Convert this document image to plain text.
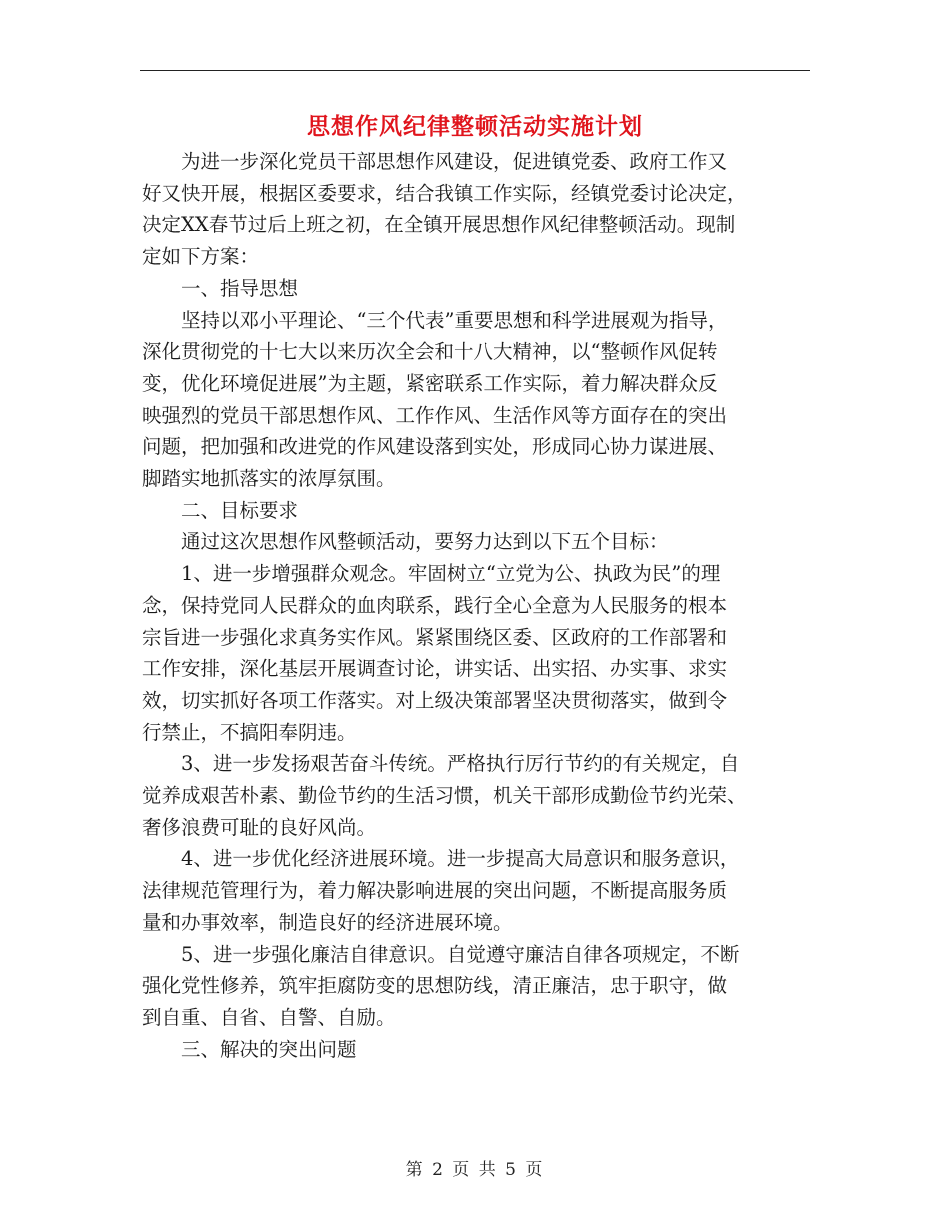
思想作风纪律整顿活动实施计划

为进一步深化党员干部思想作风建设，促进镇党委、政府工作又
好又快开展，根据区委要求，结合我镇工作实际，经镇党委讨论决定，
决定XX春节过后上班之初，在全镇开展思想作风纪律整顿活动。现制
定如下方案：

一、指导思想

坚持以邓小平理论、“三个代表”重要思想和科学进展观为指导，
深化贯彻党的十七大以来历次全会和十八大精神，以“整顿作风促转
变，优化环境促进展”为主题，紧密联系工作实际，着力解决群众反
映强烈的党员干部思想作风、工作作风、生活作风等方面存在的突出
问题，把加强和改进党的作风建设落到实处，形成同心协力谋进展、
脚踏实地抓落实的浓厚氛围。

二、目标要求

通过这次思想作风整顿活动，要努力达到以下五个目标：

1、进一步增强群众观念。牢固树立“立党为公、执政为民”的理
念，保持党同人民群众的血肉联系，践行全心全意为人民服务的根本
宗旨进一步强化求真务实作风。紧紧围绕区委、区政府的工作部署和
工作安排，深化基层开展调查讨论，讲实话、出实招、办实事、求实
效，切实抓好各项工作落实。对上级决策部署坚决贯彻落实，做到令
行禁止，不搞阳奉阴违。

3、进一步发扬艰苦奋斗传统。严格执行厉行节约的有关规定，自
觉养成艰苦朴素、勤俭节约的生活习惯，机关干部形成勤俭节约光荣、
奢侈浪费可耻的良好风尚。

4、进一步优化经济进展环境。进一步提高大局意识和服务意识，
法律规范管理行为，着力解决影响进展的突出问题，不断提高服务质
量和办事效率，制造良好的经济进展环境。

5、进一步强化廉洁自律意识。自觉遵守廉洁自律各项规定，不断
强化党性修养，筑牢拒腐防变的思想防线，清正廉洁，忠于职守，做
到自重、自省、自警、自励。

三、解决的突出问题

第 2 页 共 5 页
